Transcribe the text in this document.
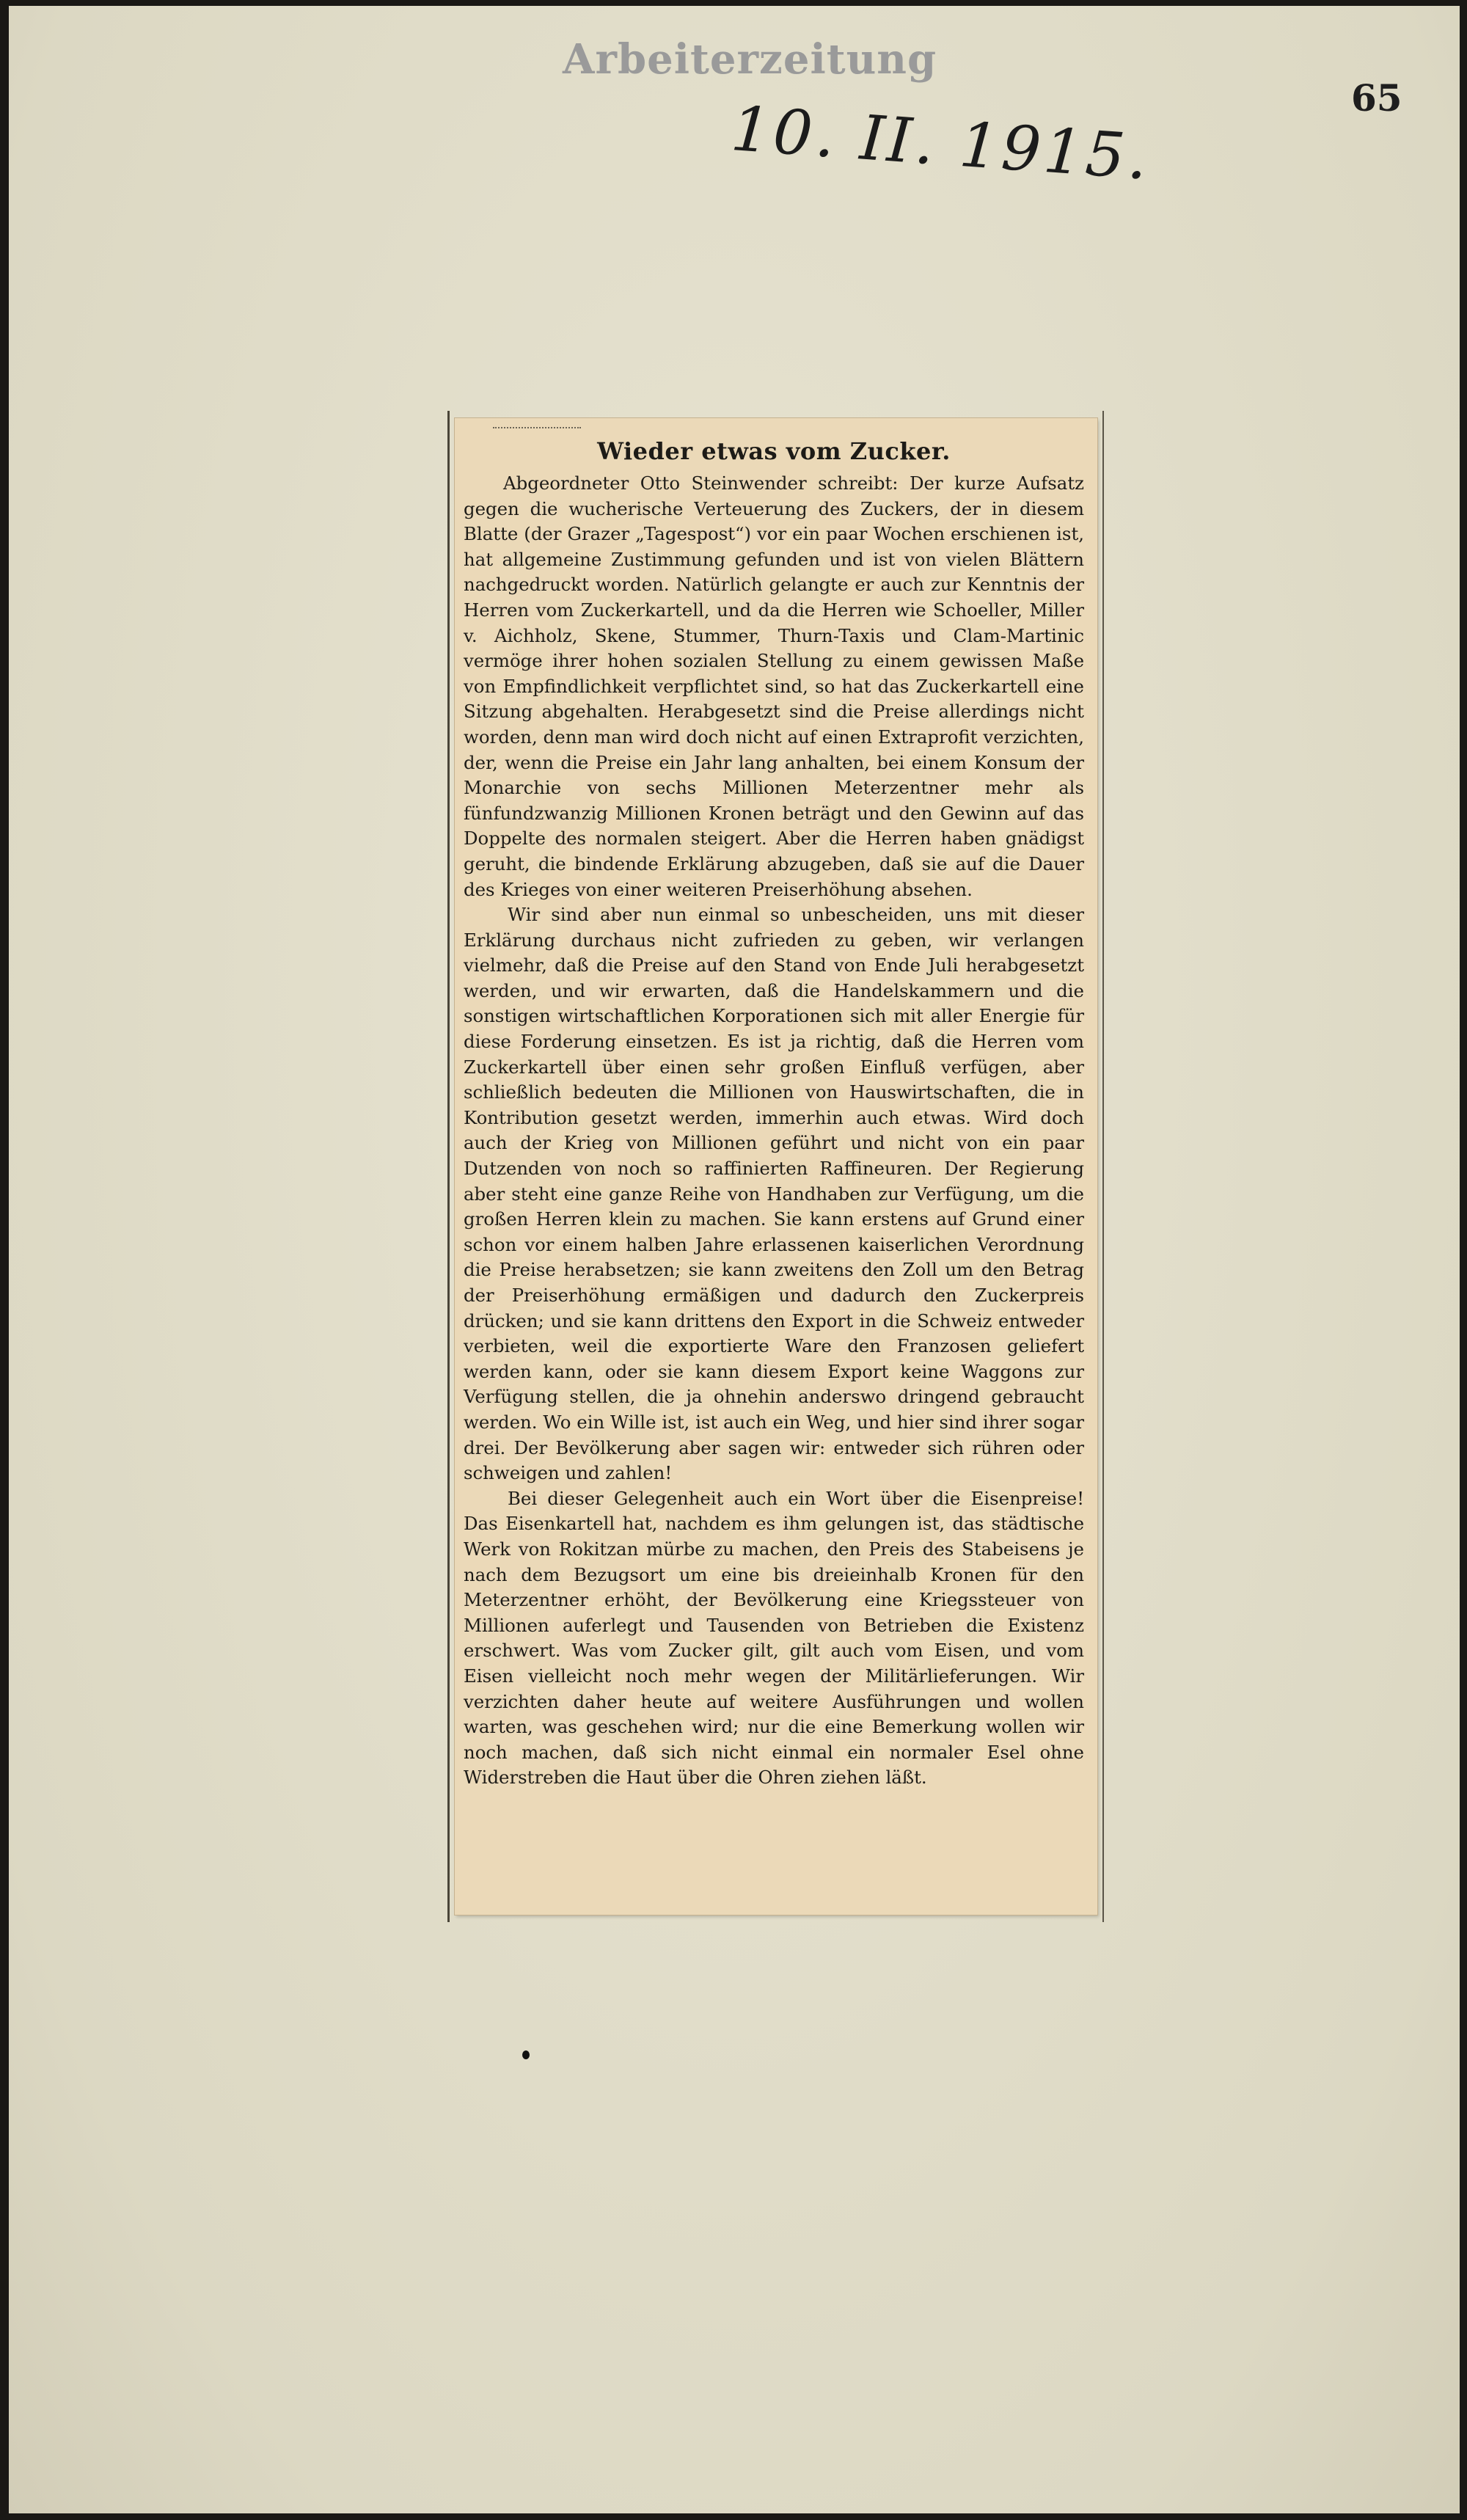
Arbeiterzeitung
10. II. 1915.	65
Wieder etwas vom Zucker.

Abgeordneter Otto Steinwender schreibt: Der kurze Aufsatz gegen die wucherische Verteuerung des Zuckers, der in diesem Blatte (der Grazer „Tagespost“) vor ein paar Wochen erschienen ist, hat allgemeine Zustimmung gefunden und ist von vielen Blättern nachgedruckt worden. Natürlich gelangte er auch zur Kenntnis der Herren vom Zuckerkartell, und da die Herren wie Schoeller, Miller v. Aichholz, Skene, Stummer, Thurn-Taxis und Clam-Martinic vermöge ihrer hohen sozialen Stellung zu einem gewissen Maße von Empfindlichkeit verpflichtet sind, so hat das Zuckerkartell eine Sitzung abgehalten. Herabgesetzt sind die Preise allerdings nicht worden, denn man wird doch nicht auf einen Extraprofit verzichten, der, wenn die Preise ein Jahr lang anhalten, bei einem Konsum der Monarchie von sechs Millionen Meterzentner mehr als fünfundzwanzig Millionen Kronen beträgt und den Gewinn auf das Doppelte des normalen steigert. Aber die Herren haben gnädigst geruht, die bindende Erklärung abzugeben, daß sie auf die Dauer des Krieges von einer weiteren Preiserhöhung absehen.

Wir sind aber nun einmal so unbescheiden, uns mit dieser Erklärung durchaus nicht zufrieden zu geben, wir verlangen vielmehr, daß die Preise auf den Stand von Ende Juli herabgesetzt werden, und wir erwarten, daß die Handelskammern und die sonstigen wirtschaftlichen Korporationen sich mit aller Energie für diese Forderung einsetzen. Es ist ja richtig, daß die Herren vom Zuckerkartell über einen sehr großen Einfluß verfügen, aber schließlich bedeuten die Millionen von Hauswirtschaften, die in Kontribution gesetzt werden, immerhin auch etwas. Wird doch auch der Krieg von Millionen geführt und nicht von ein paar Dutzenden von noch so raffinierten Raffineuren. Der Regierung aber steht eine ganze Reihe von Handhaben zur Verfügung, um die großen Herren klein zu machen. Sie kann erstens auf Grund einer schon vor einem halben Jahre erlassenen kaiserlichen Verordnung die Preise herabsetzen; sie kann zweitens den Zoll um den Betrag der Preiserhöhung ermäßigen und dadurch den Zuckerpreis drücken; und sie kann drittens den Export in die Schweiz entweder verbieten, weil die exportierte Ware den Franzosen geliefert werden kann, oder sie kann diesem Export keine Waggons zur Verfügung stellen, die ja ohnehin anderswo dringend gebraucht werden. Wo ein Wille ist, ist auch ein Weg, und hier sind ihrer sogar drei. Der Bevölkerung aber sagen wir: entweder sich rühren oder schweigen und zahlen!

Bei dieser Gelegenheit auch ein Wort über die Eisenpreise! Das Eisenkartell hat, nachdem es ihm gelungen ist, das städtische Werk von Rokitzan mürbe zu machen, den Preis des Stabeisens je nach dem Bezugsort um eine bis dreieinhalb Kronen für den Meterzentner erhöht, der Bevölkerung eine Kriegssteuer von Millionen auferlegt und Tausenden von Betrieben die Existenz erschwert. Was vom Zucker gilt, gilt auch vom Eisen, und vom Eisen vielleicht noch mehr wegen der Militärlieferungen. Wir verzichten daher heute auf weitere Ausführungen und wollen warten, was geschehen wird; nur die eine Bemerkung wollen wir noch machen, daß sich nicht einmal ein normaler Esel ohne Widerstreben die Haut über die Ohren ziehen läßt.
